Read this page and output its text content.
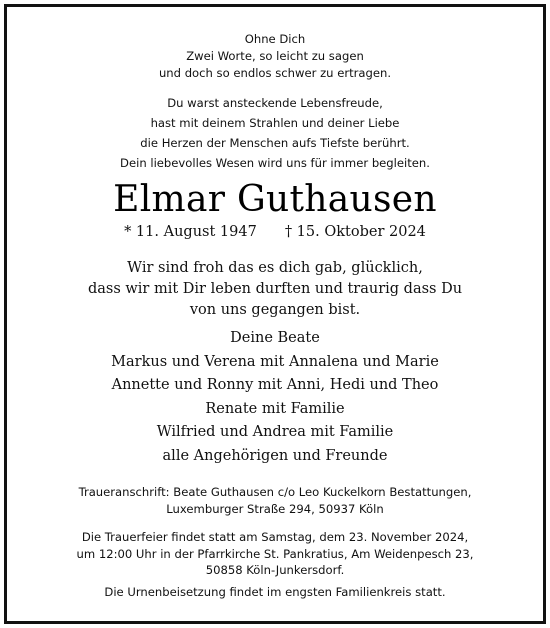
Ohne Dich
Zwei Worte, so leicht zu sagen
und doch so endlos schwer zu ertragen.
Du warst ansteckende Lebensfreude,
hast mit deinem Strahlen und deiner Liebe
die Herzen der Menschen aufs Tiefste berührt.
Dein liebevolles Wesen wird uns für immer begleiten.
Elmar Guthausen
* 11. August 1947 † 15. Oktober 2024
Wir sind froh das es dich gab, glücklich,
dass wir mit Dir leben durften und traurig dass Du
von uns gegangen bist.
Deine Beate
Markus und Verena mit Annalena und Marie
Annette und Ronny mit Anni, Hedi und Theo
Renate mit Familie
Wilfried und Andrea mit Familie
alle Angehörigen und Freunde
Traueranschrift: Beate Guthausen c/o Leo Kuckelkorn Bestattungen,
Luxemburger Straße 294, 50937 Köln
Die Trauerfeier findet statt am Samstag, dem 23. November 2024,
um 12:00 Uhr in der Pfarrkirche St. Pankratius, Am Weidenpesch 23,
50858 Köln-Junkersdorf.
Die Urnenbeisetzung findet im engsten Familienkreis statt.
